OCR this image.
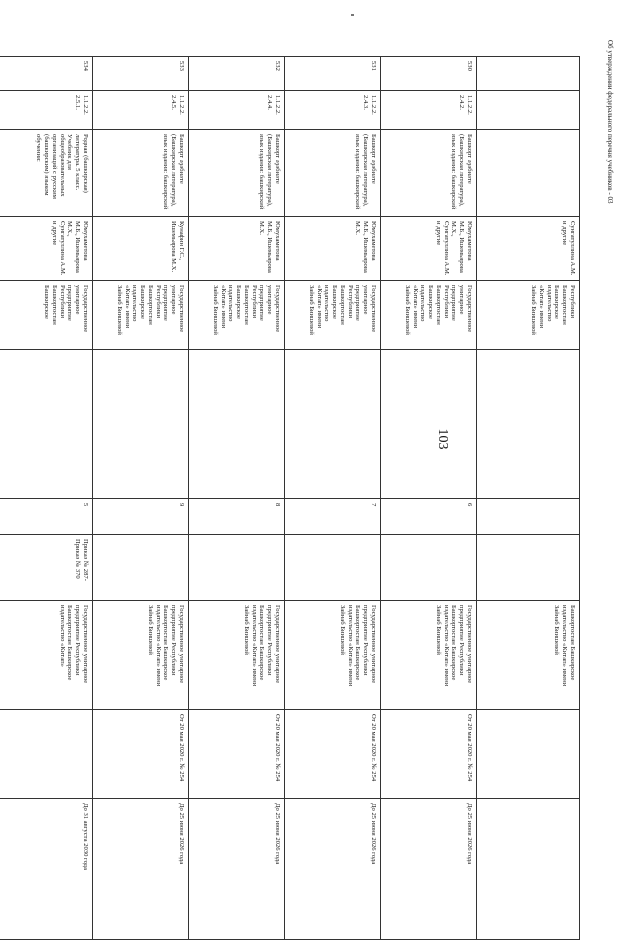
103
Об утверждении федерального перечня учебников - 03
			Сунгатуллина А.М. и другие	Республики Башкортостан Башкирское издательство «Китап» имени Зайнаб Биишевой				Башкортостан Башкирское издательство «Китап» имени Зайнаб Биишевой		
530	1.1.2.2. 2.4.2.	Башкорт әҙәбиәте (Башкирская литература), язык издания: башкирский	Юмухаметова М.Б., Ишемьярова М.Х., Сунгатуллина А.М. и другие	Государственное унитарное предприятие Республики Башкортостан Башкирское издательство «Китап» имени Зайнаб Биишевой		6		Государственное унитарное предприятие Республики Башкортостан Башкирское издательство «Китап» имени Зайнаб Биишевой	От 20 мая 2020 г. № 254	До 25 июня 2026 года
531	1.1.2.2. 2.4.3.	Башкорт әҙәбиәте (Башкирская литература), язык издания: башкирский	Юмухаметова М.Б., Ишемьярова М.Х.	Государственное унитарное предприятие Республики Башкортостан Башкирское издательство «Китап» имени Зайнаб Биишевой		7		Государственное унитарное предприятие Республики Башкортостан Башкирское издательство «Китап» имени Зайнаб Биишевой	От 20 мая 2020 г. № 254	До 25 июня 2026 года
532	1.1.2.2. 2.4.4.	Башкорт әҙәбиәте (Башкирская литература), язык издания: башкирский	Юмухаметова М.Б., Ишемьярова М.Х.	Государственное унитарное предприятие Республики Башкортостан Башкирское издательство «Китап» имени Зайнаб Биишевой		8		Государственное унитарное предприятие Республики Башкортостан Башкирское издательство «Китап» имени Зайнаб Биишевой	От 20 мая 2020 г. № 254	До 25 июня 2026 года
533	1.1.2.2. 2.4.5.	Башкорт әҙәбиәте (Башкирская литература), язык издания: башкирский	Кунафин Г.С., Ишемьярова М.Х.	Государственное унитарное предприятие Республики Башкортостан Башкирское издательство «Китап» имени Зайнаб Биишевой		9		Государственное унитарное предприятие Республики Башкортостан Башкирское издательство «Китап» имени Зайнаб Биишевой	От 20 мая 2020 г. № 254	До 25 июня 2026 года
534	1.1.2.2. 2.5.1.	Родная (башкирская) литература. 5 класс. Учебник для общеобразовательных организаций с русским (башкирским) языком обучения:	Юмухаметова М.Б., Ишемьярова М.Х., Сунгатуллина А.М. и другие	Государственное унитарное предприятие Республики Башкортостан Башкирское		5	Приказ № 287- Приказ № 370	Государственное унитарное предприятие Республики Башкортостан Башкирское издательство «Китап»		До 31 августа 2030 года
